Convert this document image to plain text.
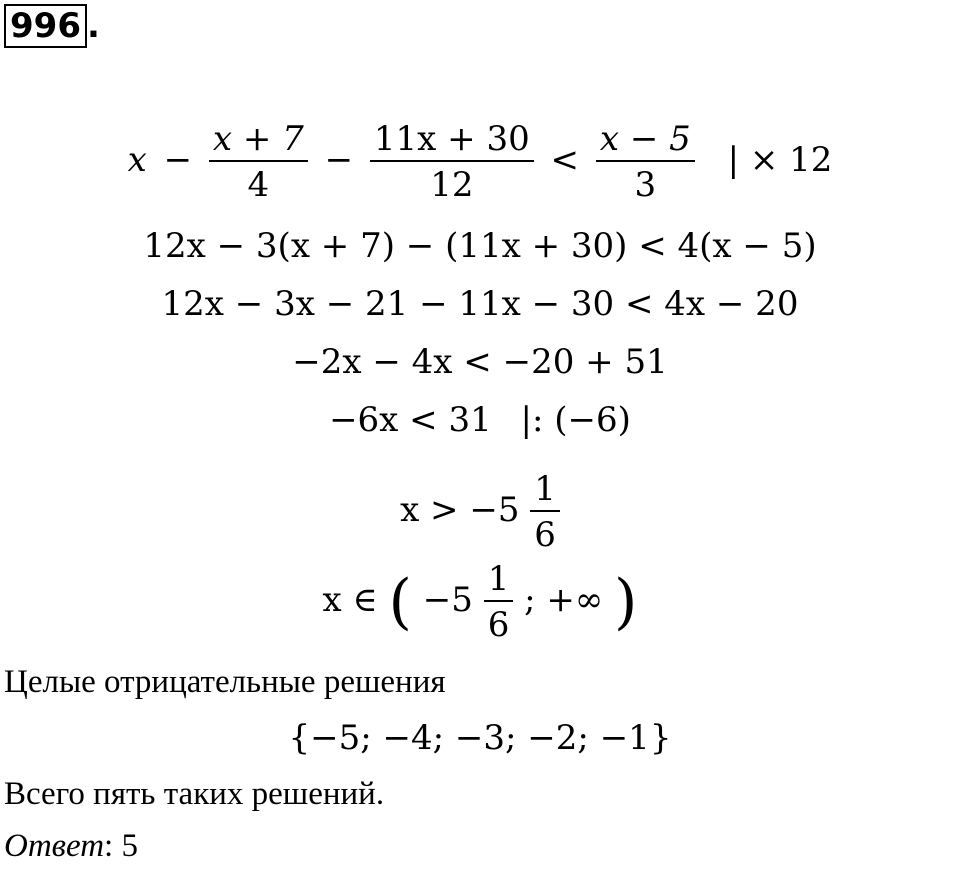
996 .
$x - \frac{x + 7}{4} - \frac{11x + 30}{12} < \frac{x - 5}{3}$ | × 12
12x − 3(x + 7) − (11x + 30) < 4(x − 5)
12x − 3x − 21 − 11x − 30 < 4x − 20
−2x − 4x < −20 + 51
−6x < 31 |: (−6)
$x > -5 \frac{1}{6}$
x ∈ ( $-5 \frac{1}{6}$ ; +∞ )
Целые отрицательные решения
{−5; −4; −3; −2; −1}
Всего пять таких решений.
Ответ: 5
